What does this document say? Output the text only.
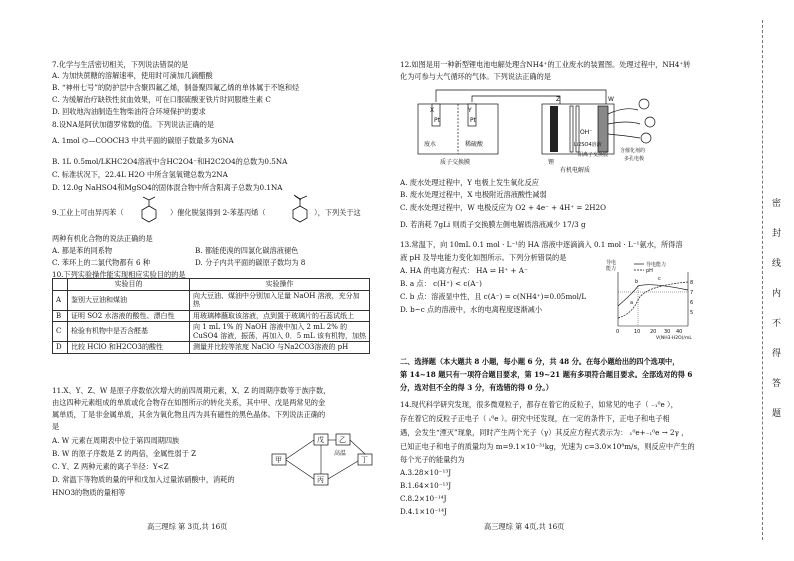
7.化学与生活密切相关，下列说法错误的是
A. 为加快蔗糖的溶解速率，使用时可滴加几滴醋酸
B. “神州七号”的防护层中含聚四氟乙烯，制备聚四氟乙烯的单体属于不饱和烃
C. 为缓解治疗缺铁性贫血效果，可在口服硫酸亚铁片时同服维生素 C
D. 回收地沟油制造生物柴油符合环境保护的要求
8.设NA是阿伏加德罗常数的值。下列说法正确的是
A. 1mol ⌬—COOCH3 中共平面的碳原子数最多为6NA
B. 1L 0.5mol/LKHC2O4溶液中含HC2O4⁻和H2C2O4的总数为0.5NA
C. 标准状况下，22.4L H2O 中所含氢氧键总数为2NA
D. 12.0g NaHSO4和MgSO4的固体混合物中所含阳离子总数为0.1NA
9.工业上可由异丙苯（	）催化脱氢得到 2-苯基丙烯（	），下列关于这
两种有机化合物的说法正确的是
A. 都是苯的同系物	B. 都能使溴的四氯化碳溶液褪色
C. 苯环上的二氯代物都有 6 种	D. 分子内共平面的碳原子数均为 8
10.下列实验操作能实现相应实验目的的是
	实验目的	实验操作
A	鉴别大豆油和煤油	向大豆油、煤油中分别加入足量 NaOH 溶液，充分加热
B	证明 SO2 水溶液的酸性、漂白性	用玻璃棒蘸取该溶液，点到置于玻璃片的石蕊试纸上
C	检验有机物中是否含醛基	向 1 mL 1% 的 NaOH 溶液中加入 2 mL 2% 的 CuSO4 溶液，振荡，再加入 0．5 mL 该有机物，加热
D	比较 HClO 和H2CO3的酸性	测量并比较等浓度 NaClO 与Na2CO3溶液的 pH
11.X、Y、Z、W 是原子序数依次增大的前四周期元素，X、Z 的周期序数等于族序数，
由这四种元素组成的单质或化合物存在如图所示的转化关系，其中甲、戊是两常见的金
属单质，丁是非金属单质，其余为氧化物且丙为具有磁性的黑色晶体。下列说法正确的
是
A. W 元素在周期表中位于第四周期四族
B. W 的原子序数是 Z 的两倍，金属性弱于 Z
C. Y、Z 两种元素的离子半径：Y<Z
D. 常温下等物质的量的甲和戊加入过量浓硝酸中，消耗的
HNO3的物质的量相等
甲
戊
丙
丁
乙
高温
高三理综 第 3页,共 16页
12.如图是用一种新型锂电池电解处理含NH4⁺的工业废水的装置图。处理过程中，NH4⁺转
化为可参与大气循环的气体。下列说法正确的是
X	Y
Pt	Pt
废水	稀硫酸
质子交换膜
Z	W
OH⁻
锂
有机电解质
Li2SO4溶液
阳离子交换膜
含催化剂的
多孔电极
A. 废水处理过程中，Y 电极上发生氧化反应
B. 废水处理过程中，X 电极附近溶液酸性减弱
C. 废水处理过程中，W 电极反应为 O2 + 4e⁻ + 4H⁺ = 2H2O
D. 若消耗 7gLi 则质子交换膜左侧电解质溶液减少 17/3 g
13.常温下，向 10mL 0.1 mol · L⁻¹的 HA 溶液中逐滴滴入 0.1 mol · L⁻¹氨水，所得溶
液 pH 及导电能力变化如图所示。下列分析错误的是
A. HA 的电离方程式： HA ⇌ H⁺ + A⁻
B. a 点： c(H⁺) < c(A⁻)
C. b 点：溶液显中性，且 c(A⁻) = c(NH4⁺)=0.05mol/L
D. b~c 点的溶液中，水的电离程度逐渐减小
导电
能力
导电能力
pH
a
b	c
8
7
6
5
0	10 20 30 40
V(NH3·H2O)/mL
二、选择题（本大题共 8 小题，每小题 6 分，共 48 分。在每小题给出的四个选项中，
第 14~18 题只有一项符合题目要求，第 19~21 题有多项符合题目要求。全部选对的得 6
分，选对但不全的得 3 分，有选错的得 0 分。）
14.现代科学研究发现，很多微观粒子，都存在着它的反粒子，如常见的电子（ ₋₁⁰e ），
存在着它的反粒子正电子（ ₁⁰e ）。研究中还发现，在一定的条件下，正电子和电子相
遇，会发生“湮灭”现象，同时产生两个光子（γ）其反应方程式表示为： ₁⁰e+₋₁⁰e → 2γ ，
已知正电子和电子的质量均为 m=9.1×10⁻³¹kg，光速为 c=3.0×10⁸m/s，则反应中产生的
每个光子的能量约为
A.3.28×10⁻¹³J
B.1.64×10⁻¹³J
C.8.2×10⁻¹⁴J
D.4.1×10⁻¹⁴J
高三理综 第 4页,共 16页
密
封
线
内
不
得
答
题
